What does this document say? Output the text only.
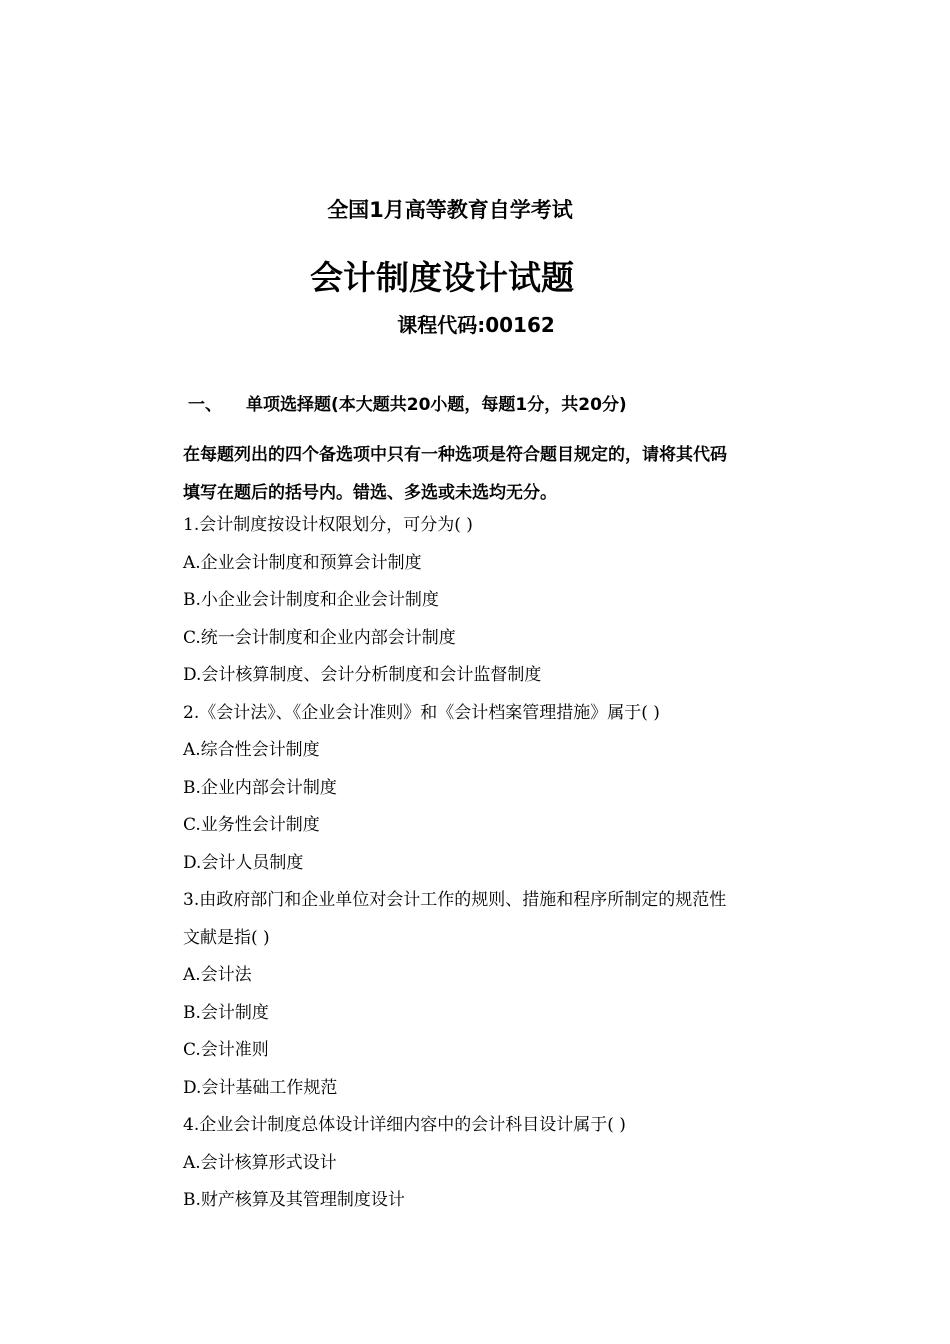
全国1月高等教育自学考试
会计制度设计试题
课程代码:00162
一、 单项选择题(本大题共20小题，每题1分，共20分)
在每题列出的四个备选项中只有一种选项是符合题目规定的，请将其代码
填写在题后的括号内。错选、多选或未选均无分。
1.会计制度按设计权限划分，可分为( )
A.企业会计制度和预算会计制度
B.小企业会计制度和企业会计制度
C.统一会计制度和企业内部会计制度
D.会计核算制度、会计分析制度和会计监督制度
2.《会计法》、《企业会计准则》和《会计档案管理措施》属于( )
A.综合性会计制度
B.企业内部会计制度
C.业务性会计制度
D.会计人员制度
3.由政府部门和企业单位对会计工作的规则、措施和程序所制定的规范性
文献是指( )
A.会计法
B.会计制度
C.会计准则
D.会计基础工作规范
4.企业会计制度总体设计详细内容中的会计科目设计属于( )
A.会计核算形式设计
B.财产核算及其管理制度设计
